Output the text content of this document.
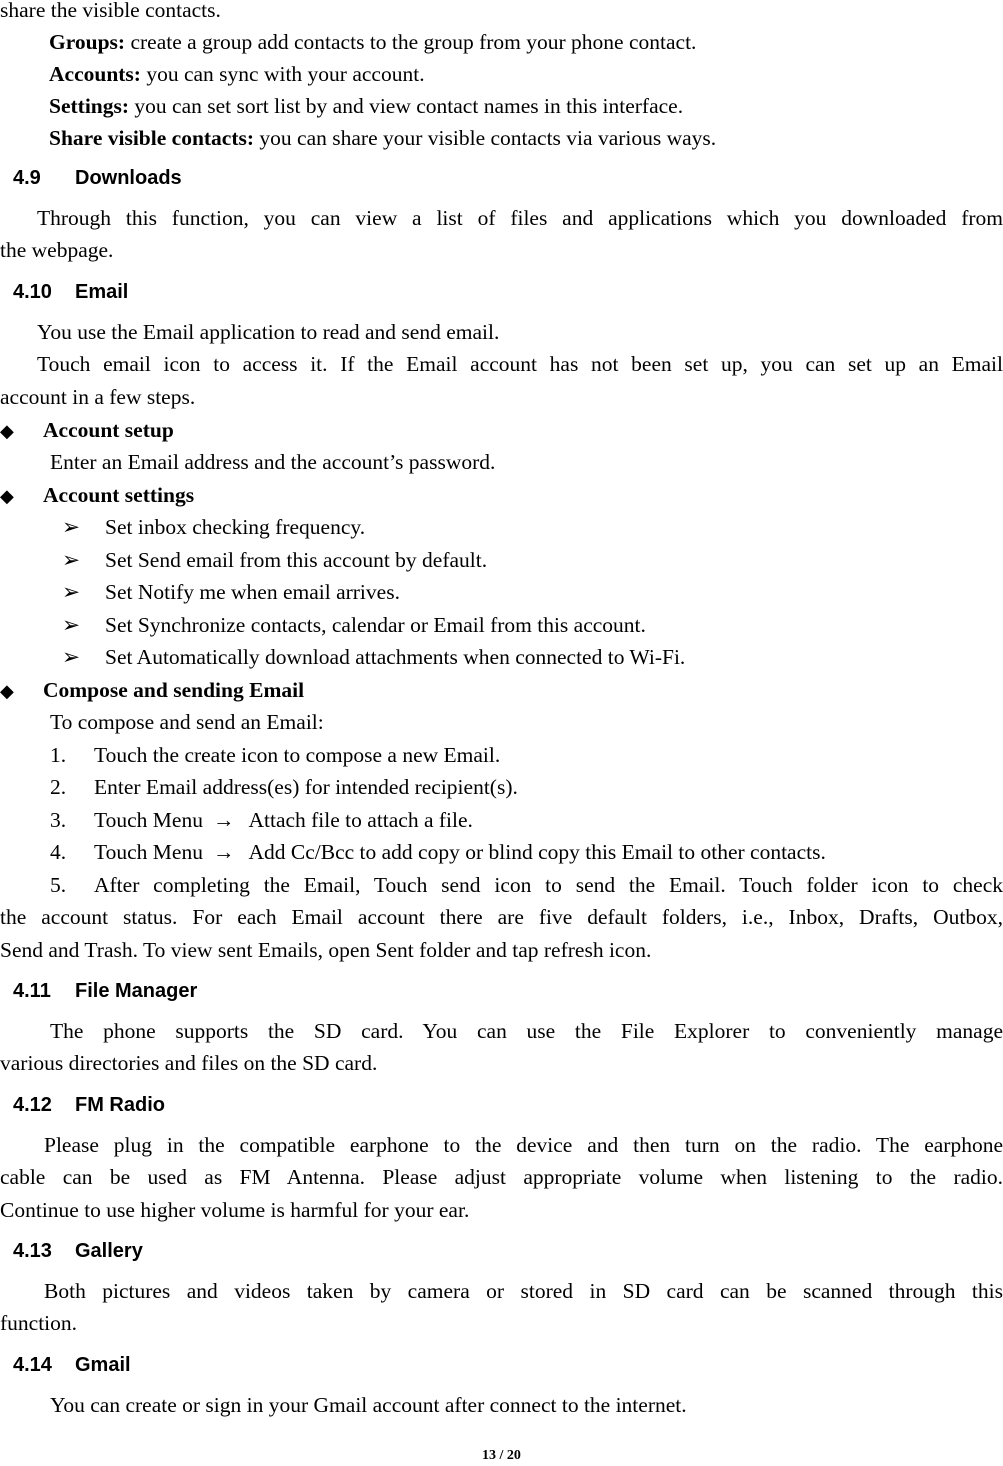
share the visible contacts.

Groups: create a group add contacts to the group from your phone contact.

Accounts: you can sync with your account.

Settings: you can set sort list by and view contact names in this interface.

Share visible contacts: you can share your visible contacts via various ways.

4.9 Downloads

Through this function, you can view a list of files and applications which you downloaded from

the webpage.

4.10 Email

You use the Email application to read and send email.

Touch email icon to access it. If the Email account has not been set up, you can set up an Email

account in a few steps.

◆ Account setup

Enter an Email address and the account’s password.

◆ Account settings

➢ Set inbox checking frequency.

➢ Set Send email from this account by default.

➢ Set Notify me when email arrives.

➢ Set Synchronize contacts, calendar or Email from this account.

➢ Set Automatically download attachments when connected to Wi-Fi.

◆ Compose and sending Email

To compose and send an Email:

1. Touch the create icon to compose a new Email.

2. Enter Email address(es) for intended recipient(s).

3. Touch Menu → Attach file to attach a file.

4. Touch Menu → Add Cc/Bcc to add copy or blind copy this Email to other contacts.

5. After completing the Email, Touch send icon to send the Email. Touch folder icon to check

the account status. For each Email account there are five default folders, i.e., Inbox, Drafts, Outbox,

Send and Trash. To view sent Emails, open Sent folder and tap refresh icon.

4.11 File Manager

The phone supports the SD card. You can use the File Explorer to conveniently manage

various directories and files on the SD card.

4.12 FM Radio

Please plug in the compatible earphone to the device and then turn on the radio. The earphone

cable can be used as FM Antenna. Please adjust appropriate volume when listening to the radio.

Continue to use higher volume is harmful for your ear.

4.13 Gallery

Both pictures and videos taken by camera or stored in SD card can be scanned through this

function.

4.14 Gmail

You can create or sign in your Gmail account after connect to the internet.

13 / 20
